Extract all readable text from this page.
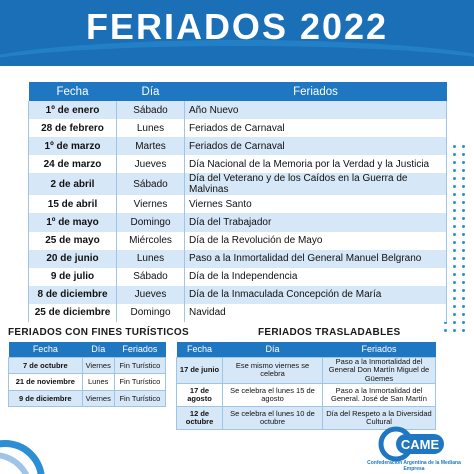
FERIADOS 2022
Fecha	Día	Feriados
1º de enero	Sábado	Año Nuevo
28 de febrero	Lunes	Feriados de Carnaval
1º de marzo	Martes	Feriados de Carnaval
24 de marzo	Jueves	Día Nacional de la Memoria por la Verdad y la Justicia
2 de abril	Sábado	Día del Veterano y de los Caídos en la Guerra de Malvinas
15 de abril	Viernes	Viernes Santo
1º de mayo	Domingo	Día del Trabajador
25 de mayo	Miércoles	Día de la Revolución de Mayo
20 de junio	Lunes	Paso a la Inmortalidad del General Manuel Belgrano
9 de julio	Sábado	Día de la Independencia
8 de diciembre	Jueves	Día de la Inmaculada Concepción de María
25 de diciembre	Domingo	Navidad
FERIADOS CON FINES TURÍSTICOS
Fecha	Día	Feriados
7 de octubre	Viernes	Fin Turístico
21 de noviembre	Lunes	Fin Turístico
9 de diciembre	Viernes	Fin Turístico
FERIADOS TRASLADABLES
Fecha	Día	Feriados
17 de junio	Ese mismo viernes se celebra	Paso a la Inmortalidad del General Don Martín Miguel de Güemes
17 de agosto	Se celebra el lunes 15 de agosto	Paso a la Inmortalidad del General. José de San Martín
12 de octubre	Se celebra el lunes 10 de octubre	Día del Respeto a la Diversidad Cultural
CAME
Confederación Argentina de la Mediana Empresa
